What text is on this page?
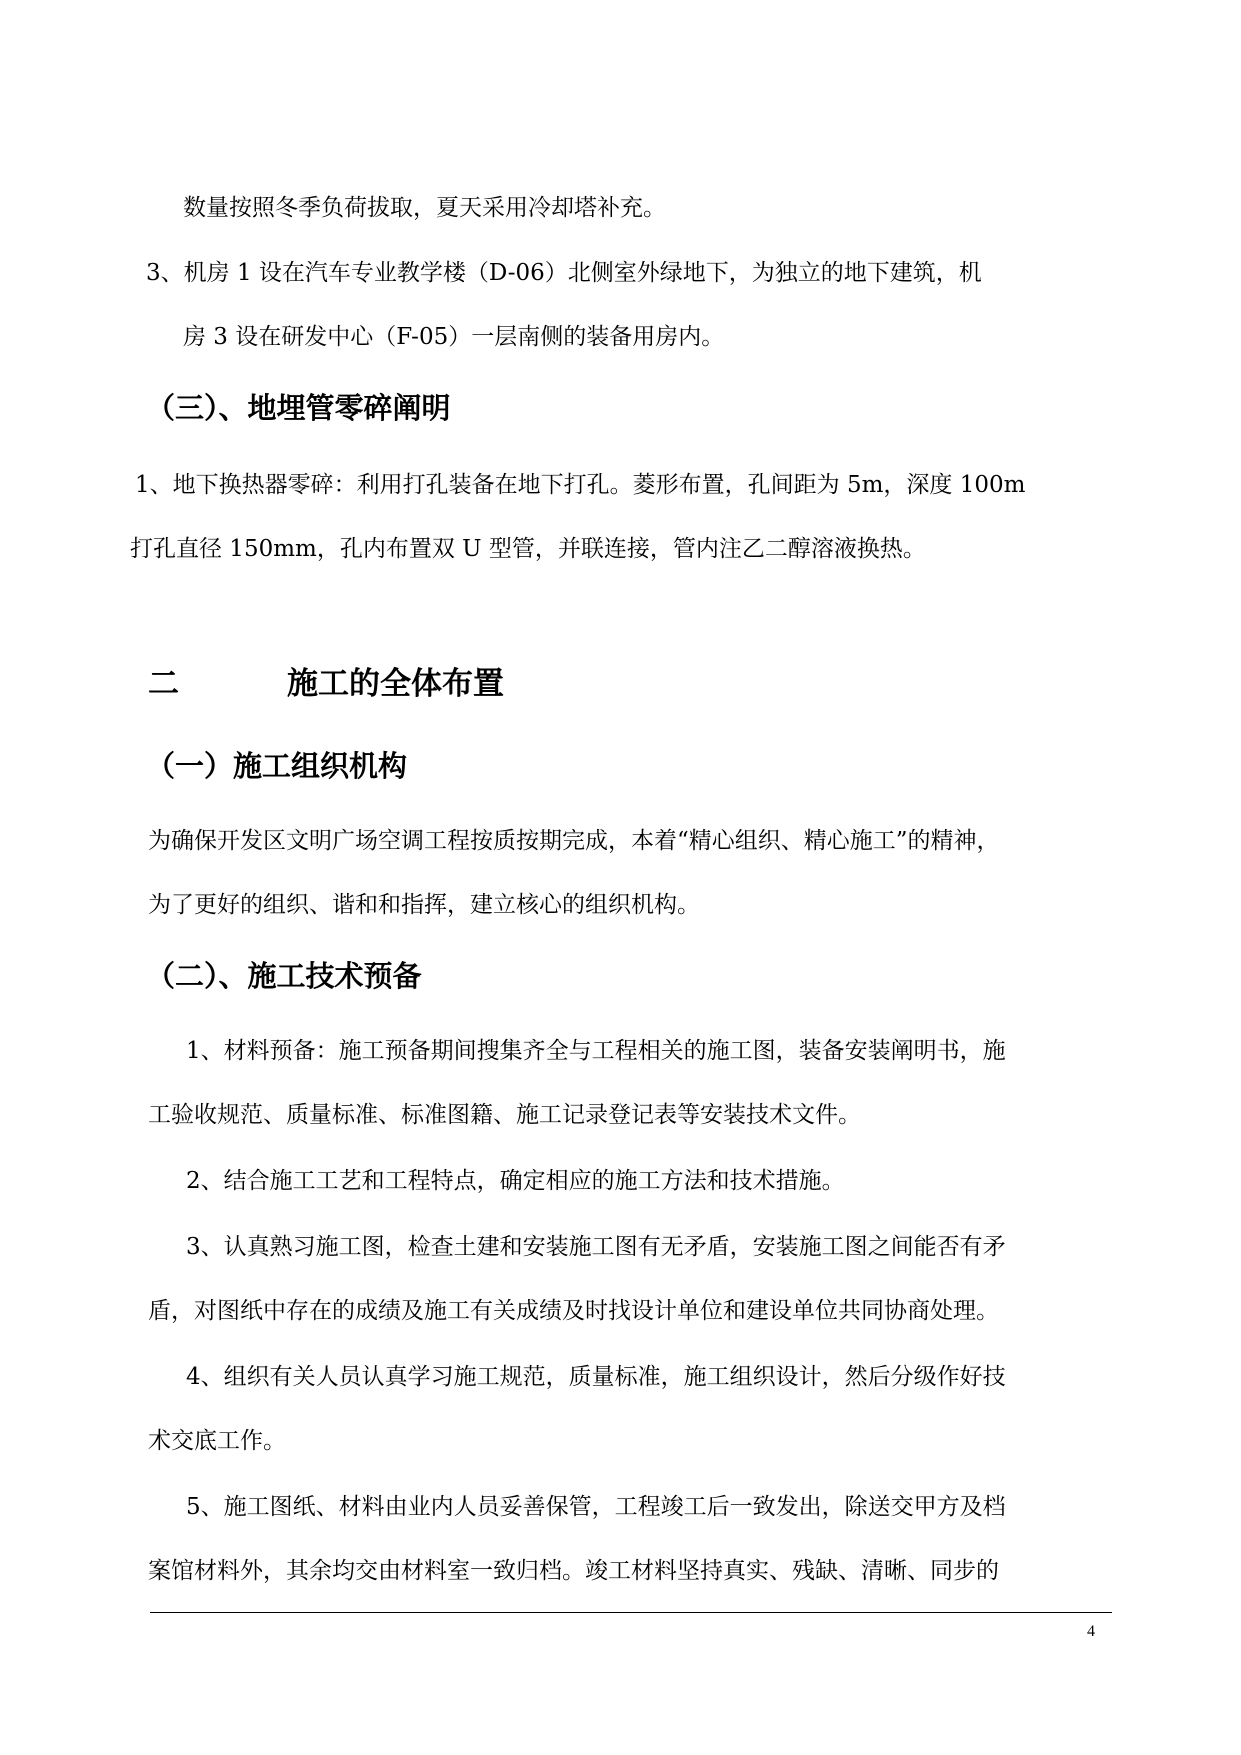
数量按照冬季负荷拔取，夏天采用冷却塔补充。
3、机房 1 设在汽车专业教学楼（D-06）北侧室外绿地下，为独立的地下建筑，机
房 3 设在研发中心（F-05）一层南侧的装备用房内。
（三）、地埋管零碎阐明
1、地下换热器零碎：利用打孔装备在地下打孔。菱形布置，孔间距为 5m，深度 100m
打孔直径 150mm，孔内布置双 U 型管，并联连接，管内注乙二醇溶液换热。
二	施工的全体布置
（一）施工组织机构
为确保开发区文明广场空调工程按质按期完成，本着“精心组织、精心施工”的精神，
为了更好的组织、谐和和指挥，建立核心的组织机构。
（二）、施工技术预备
1、材料预备：施工预备期间搜集齐全与工程相关的施工图，装备安装阐明书，施
工验收规范、质量标准、标准图籍、施工记录登记表等安装技术文件。
2、结合施工工艺和工程特点，确定相应的施工方法和技术措施。
3、认真熟习施工图，检查土建和安装施工图有无矛盾，安装施工图之间能否有矛
盾，对图纸中存在的成绩及施工有关成绩及时找设计单位和建设单位共同协商处理。
4、组织有关人员认真学习施工规范，质量标准，施工组织设计，然后分级作好技
术交底工作。
5、施工图纸、材料由业内人员妥善保管，工程竣工后一致发出，除送交甲方及档
案馆材料外，其余均交由材料室一致归档。竣工材料坚持真实、残缺、清晰、同步的
4
